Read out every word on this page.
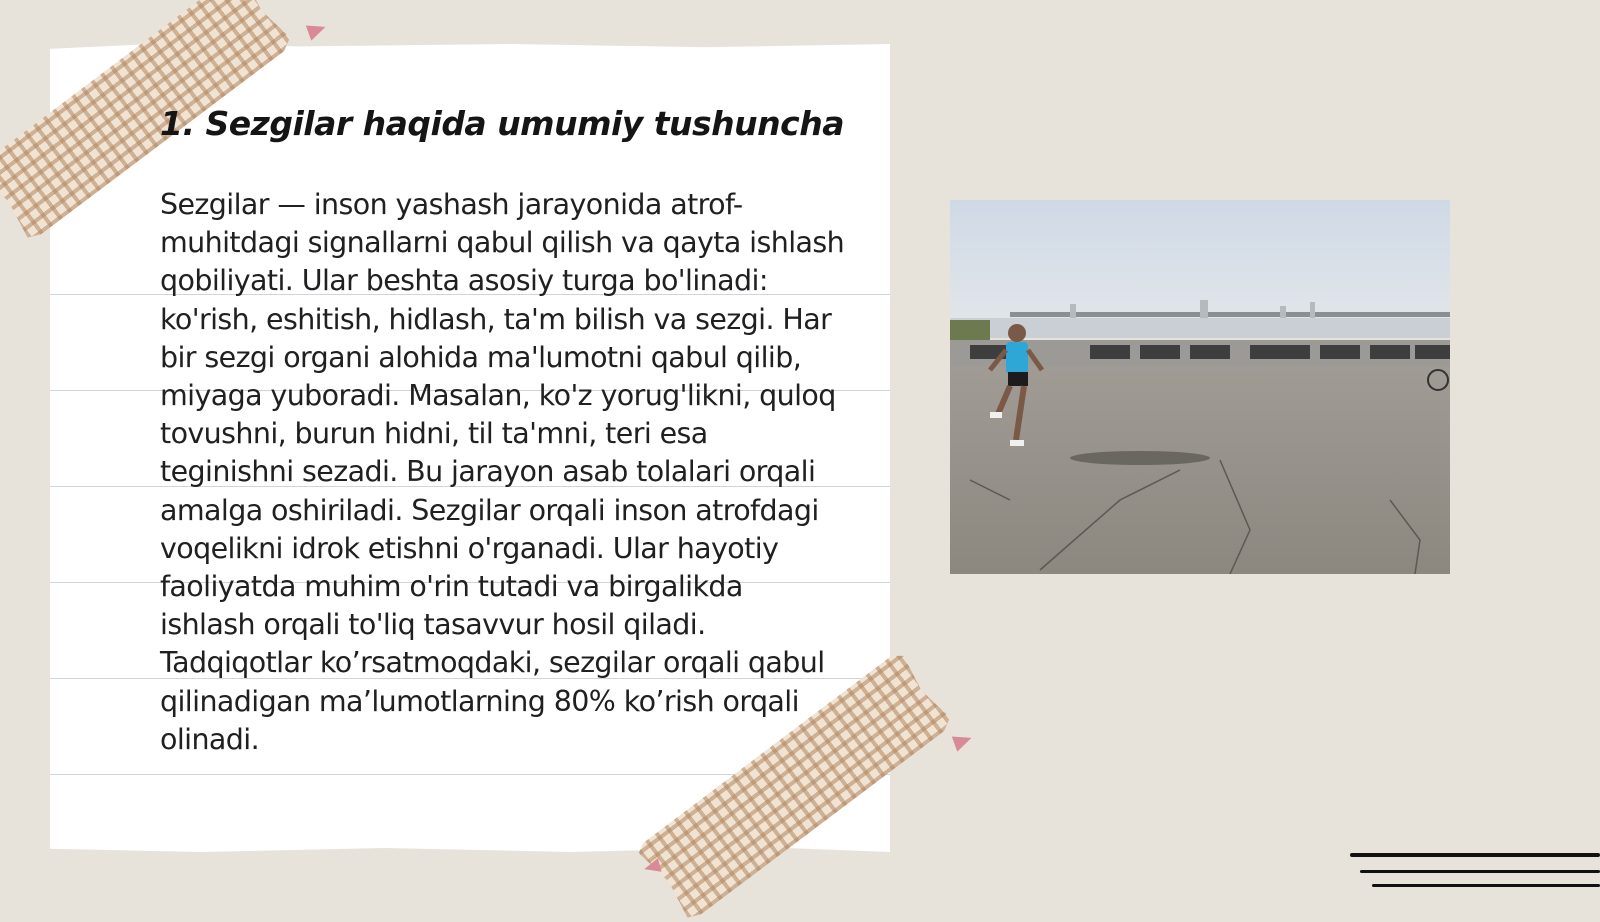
1. Sezgilar haqida umumiy tushuncha

Sezgilar — inson yashash jarayonida atrof-muhitdagi signallarni qabul qilish va qayta ishlash qobiliyati. Ular beshta asosiy turga bo'linadi: ko'rish, eshitish, hidlash, ta'm bilish va sezgi. Har bir sezgi organi alohida ma'lumotni qabul qilib, miyaga yuboradi. Masalan, ko'z yorug'likni, quloq tovushni, burun hidni, til ta'mni, teri esa teginishni sezadi. Bu jarayon asab tolalari orqali amalga oshiriladi. Sezgilar orqali inson atrofdagi voqelikni idrok etishni o'rganadi. Ular hayotiy faoliyatda muhim o'rin tutadi va birgalikda ishlash orqali to'liq tasavvur hosil qiladi. Tadqiqotlar ko’rsatmoqdaki, sezgilar orqali qabul qilinadigan ma’lumotlarning 80% ko’rish orqali olinadi.
